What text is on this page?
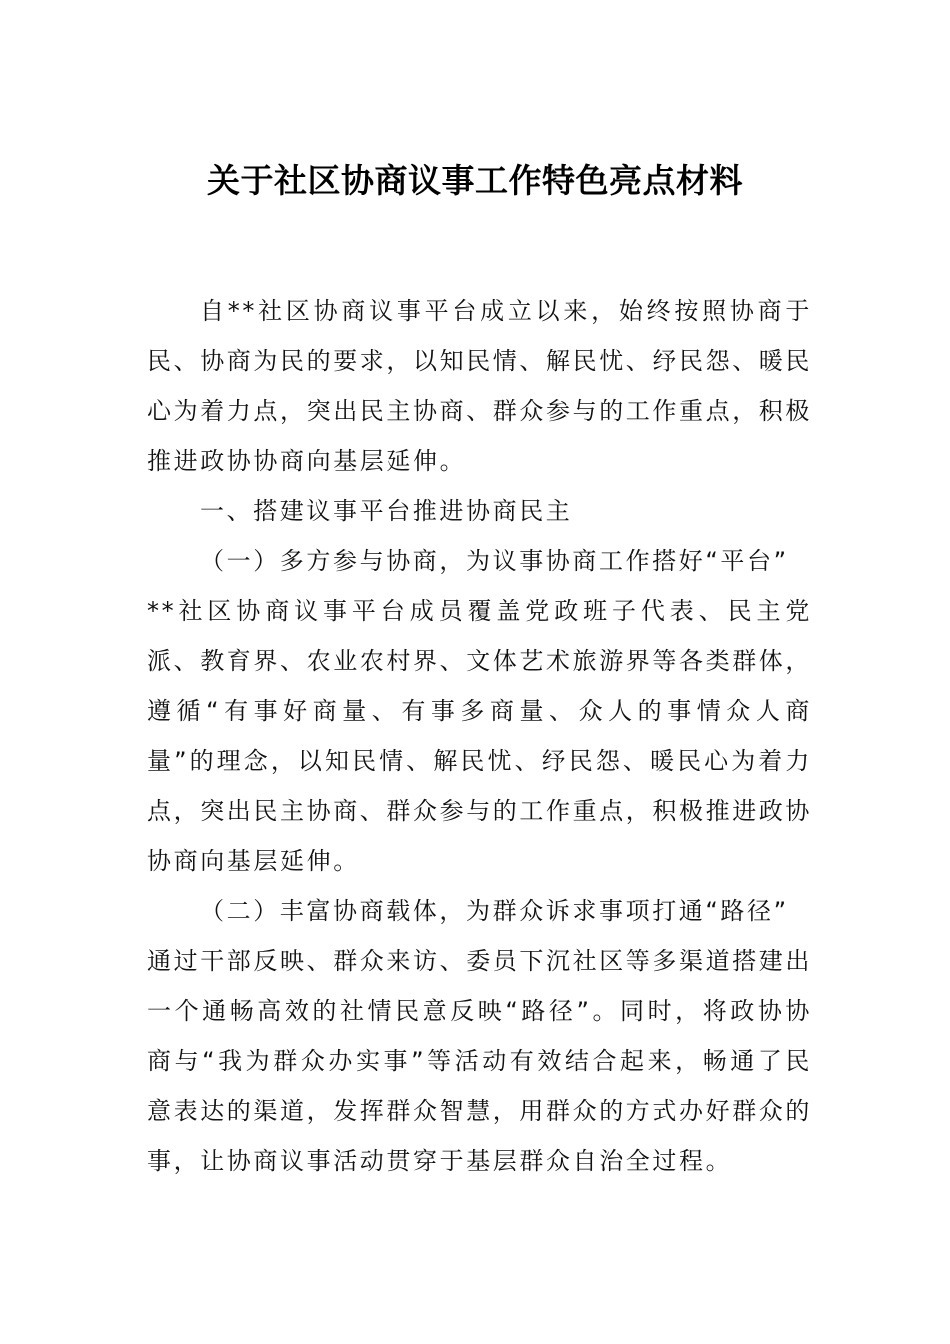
关于社区协商议事工作特色亮点材料

自**社区协商议事平台成立以来，始终按照协商于民、协商为民的要求，以知民情、解民忧、纾民怨、暖民心为着力点，突出民主协商、群众参与的工作重点，积极推进政协协商向基层延伸。

一、搭建议事平台推进协商民主

（一）多方参与协商，为议事协商工作搭好“平台”

**社区协商议事平台成员覆盖党政班子代表、民主党派、教育界、农业农村界、文体艺术旅游界等各类群体，遵循“有事好商量、有事多商量、众人的事情众人商量”的理念，以知民情、解民忧、纾民怨、暖民心为着力点，突出民主协商、群众参与的工作重点，积极推进政协协商向基层延伸。

（二）丰富协商载体，为群众诉求事项打通“路径”

通过干部反映、群众来访、委员下沉社区等多渠道搭建出一个通畅高效的社情民意反映“路径”。同时，将政协协商与“我为群众办实事”等活动有效结合起来，畅通了民意表达的渠道，发挥群众智慧，用群众的方式办好群众的事，让协商议事活动贯穿于基层群众自治全过程。
